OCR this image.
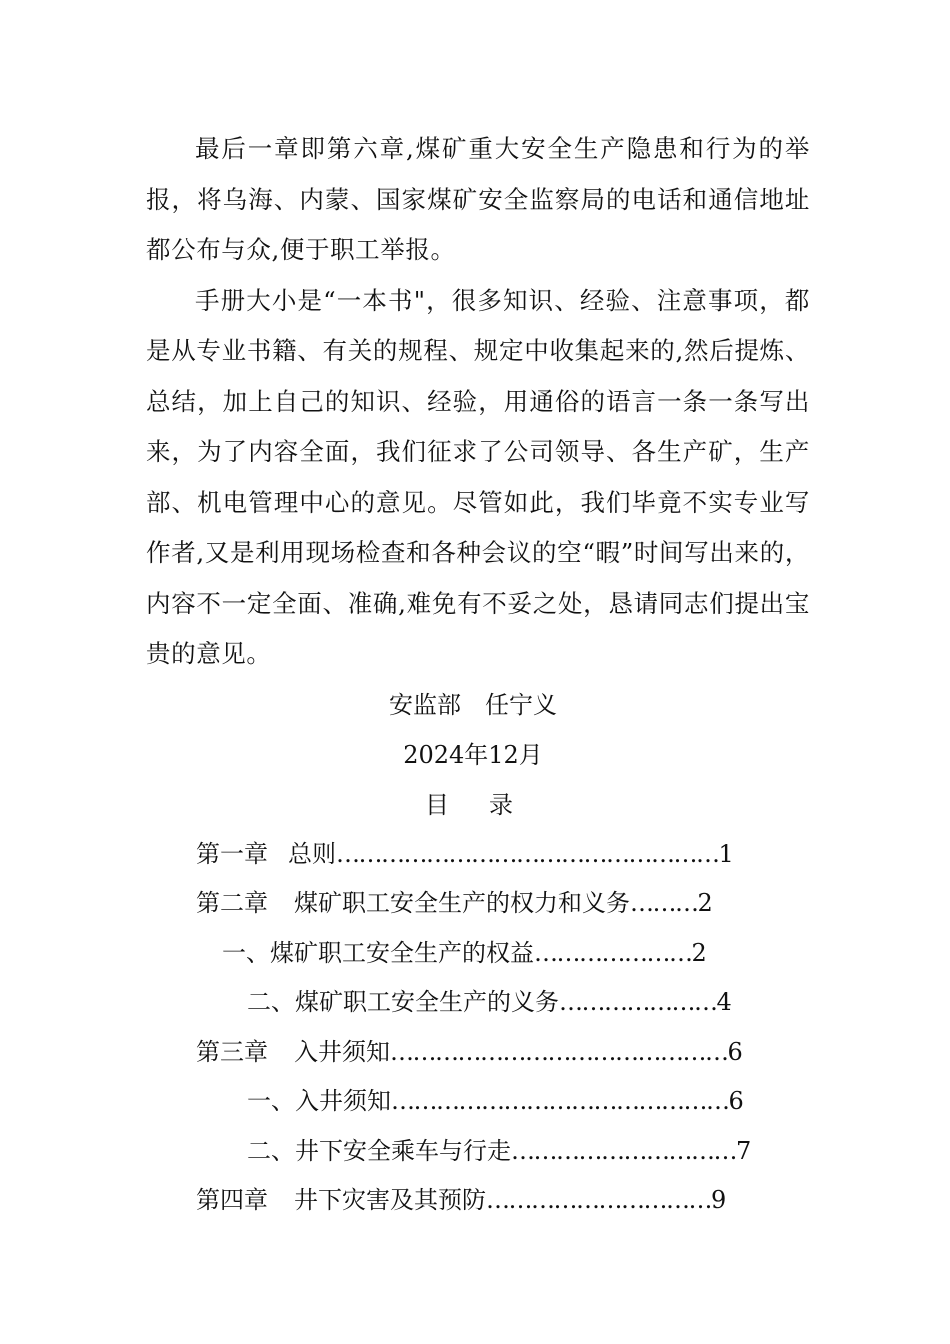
最后一章即第六章,煤矿重大安全生产隐患和行为的举报，将乌海、内蒙、国家煤矿安全监察局的电话和通信地址都公布与众,便于职工举报。

手册大小是“一本书"，很多知识、经验、注意事项，都是从专业书籍、有关的规程、规定中收集起来的,然后提炼、总结，加上自己的知识、经验，用通俗的语言一条一条写出来，为了内容全面，我们征求了公司领导、各生产矿，生产部、机电管理中心的意见。尽管如此，我们毕竟不实专业写作者,又是利用现场检查和各种会议的空“暇”时间写出来的，内容不一定全面、准确,难免有不妥之处，恳请同志们提出宝贵的意见。

安监部 任宁义

2024年12月

目 录

第一章 总则 …………………………………………… 1
第二章 煤矿职工安全生产的权力和义务 ……… 2
一、 煤矿职工安全生产的权益 ………………… 2
二、 煤矿职工安全生产的义务 ………………… 4
第三章 入井须知 ……………………………………… 6
一、 入井须知 ……………………………………… 6
二、 井下安全乘车与行走 ………………………… 7
第四章 井下灾害及其预防 ………………………… 9
